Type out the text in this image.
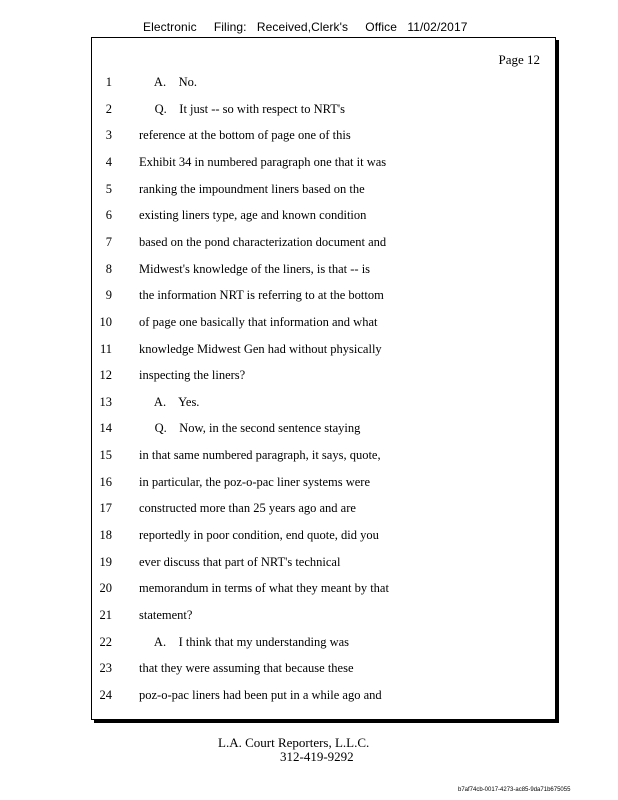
Electronic     Filing:   Received,Clerk's     Office   11/02/2017
Page 12
1 A.    No.
2 Q.    It just -- so with respect to NRT's
3 reference at the bottom of page one of this
4 Exhibit 34 in numbered paragraph one that it was
5 ranking the impoundment liners based on the
6 existing liners type, age and known condition
7 based on the pond characterization document and
8 Midwest's knowledge of the liners, is that -- is
9 the information NRT is referring to at the bottom
10 of page one basically that information and what
11 knowledge Midwest Gen had without physically
12 inspecting the liners?
13 A.    Yes.
14 Q.    Now, in the second sentence staying
15 in that same numbered paragraph, it says, quote,
16 in particular, the poz-o-pac liner systems were
17 constructed more than 25 years ago and are
18 reportedly in poor condition, end quote, did you
19 ever discuss that part of NRT's technical
20 memorandum in terms of what they meant by that
21 statement?
22 A.    I think that my understanding was
23 that they were assuming that because these
24 poz-o-pac liners had been put in a while ago and
L.A. Court Reporters, L.L.C.
312-419-9292
b7af74cb-0017-4273-ac85-9da71b675055
